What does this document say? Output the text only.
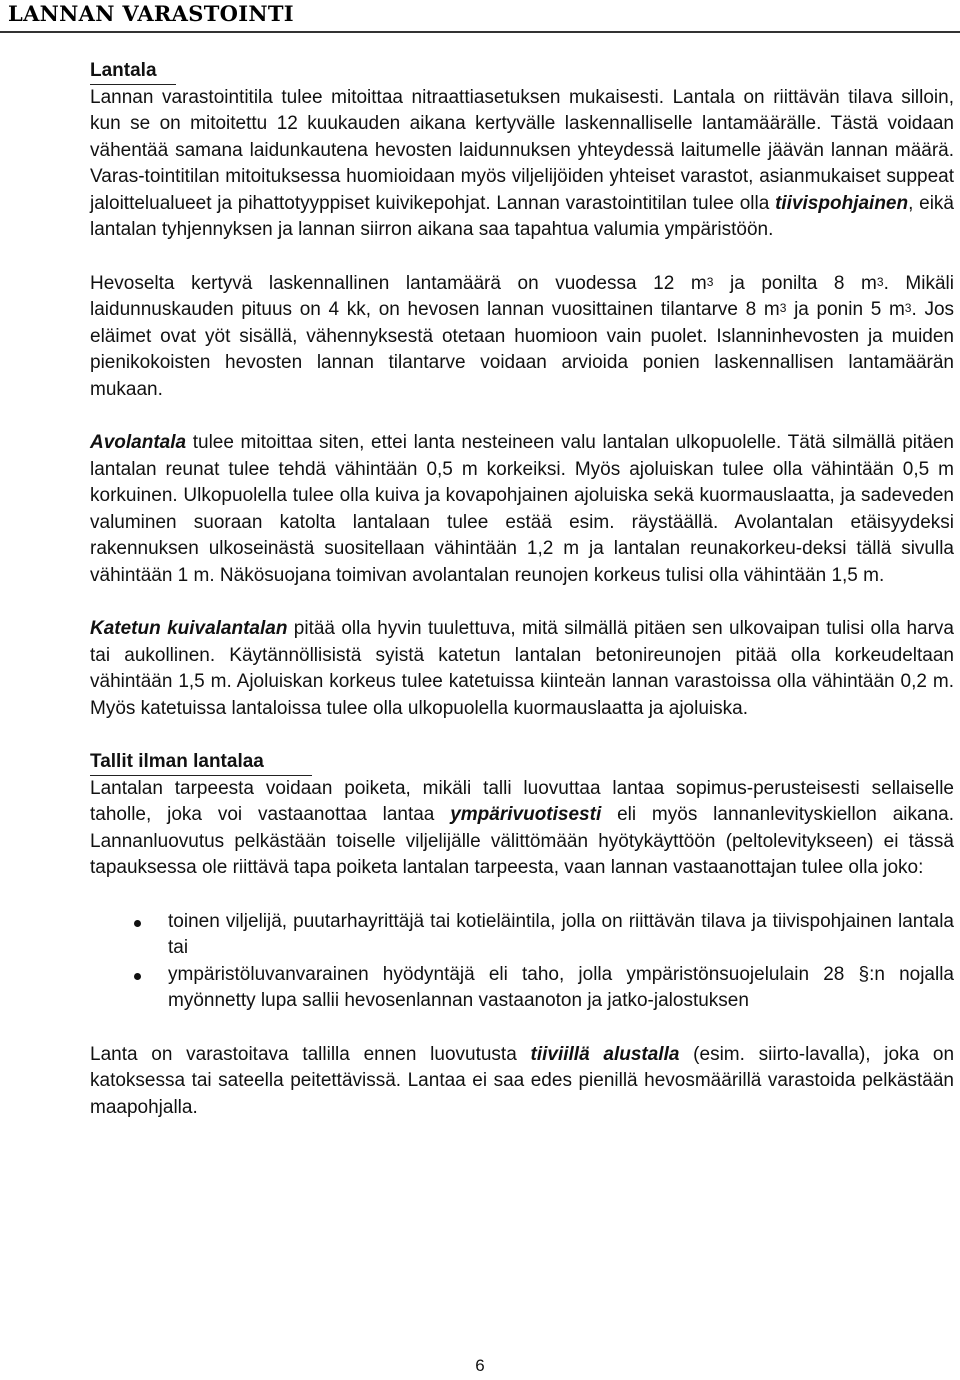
LANNAN VARASTOINTI
Lantala

Lannan varastointitila tulee mitoittaa nitraattiasetuksen mukaisesti. Lantala on riittävän tilava silloin, kun se on mitoitettu 12 kuukauden aikana kertyvälle laskennalliselle lantamäärälle. Tästä voidaan vähentää samana laidunkautena hevosten laidunnuksen yhteydessä laitumelle jäävän lannan määrä. Varas-tointitilan mitoituksessa huomioidaan myös viljelijöiden yhteiset varastot, asianmukaiset suppeat jaloittelualueet ja pihattotyyppiset kuivikepohjat. Lannan varastointitilan tulee olla tiivispohjainen, eikä lantalan tyhjennyksen ja lannan siirron aikana saa tapahtua valumia ympäristöön.

Hevoselta kertyvä laskennallinen lantamäärä on vuodessa 12 $m^3$ ja ponilta 8 $m^3$. Mikäli laidunnuskauden pituus on 4 kk, on hevosen lannan vuosittainen tilantarve 8 $m^3$ ja ponin 5 $m^3$. Jos eläimet ovat yöt sisällä, vähennyksestä otetaan huomioon vain puolet. Islanninhevosten ja muiden pienikokoisten hevosten lannan tilantarve voidaan arvioida ponien laskennallisen lantamäärän mukaan.

Avolantala tulee mitoittaa siten, ettei lanta nesteineen valu lantalan ulkopuolelle. Tätä silmällä pitäen lantalan reunat tulee tehdä vähintään 0,5 m korkeiksi. Myös ajoluiskan tulee olla vähintään 0,5 m korkuinen. Ulkopuolella tulee olla kuiva ja kovapohjainen ajoluiska sekä kuormauslaatta, ja sadeveden valuminen suoraan katolta lantalaan tulee estää esim. räystäällä. Avolantalan etäisyydeksi rakennuksen ulkoseinästä suositellaan vähintään 1,2 m ja lantalan reunakorkeu-deksi tällä sivulla vähintään 1 m. Näkösuojana toimivan avolantalan reunojen korkeus tulisi olla vähintään 1,5 m.

Katetun kuivalantalan pitää olla hyvin tuulettuva, mitä silmällä pitäen sen ulkovaipan tulisi olla harva tai aukollinen. Käytännöllisistä syistä katetun lantalan betonireunojen pitää olla korkeudeltaan vähintään 1,5 m. Ajoluiskan korkeus tulee katetuissa kiinteän lannan varastoissa olla vähintään 0,2 m. Myös katetuissa lantaloissa tulee olla ulkopuolella kuormauslaatta ja ajoluiska.

Tallit ilman lantalaa

Lantalan tarpeesta voidaan poiketa, mikäli talli luovuttaa lantaa sopimus-perusteisesti sellaiselle taholle, joka voi vastaanottaa lantaa ympärivuotisesti eli myös lannanlevityskiellon aikana. Lannanluovutus pelkästään toiselle viljelijälle välittömään hyötykäyttöön (peltolevitykseen) ei tässä tapauksessa ole riittävä tapa poiketa lantalan tarpeesta, vaan lannan vastaanottajan tulee olla joko:

toinen viljelijä, puutarhayrittäjä tai kotieläintila, jolla on riittävän tilava ja tiivispohjainen lantala tai
ympäristöluvanvarainen hyödyntäjä eli taho, jolla ympäristönsuojelulain 28 §:n nojalla myönnetty lupa sallii hevosenlannan vastaanoton ja jatko-jalostuksen

Lanta on varastoitava tallilla ennen luovutusta tiiviillä alustalla (esim. siirto-lavalla), joka on katoksessa tai sateella peitettävissä. Lantaa ei saa edes pienillä hevosmäärillä varastoida pelkästään maapohjalla.

6
